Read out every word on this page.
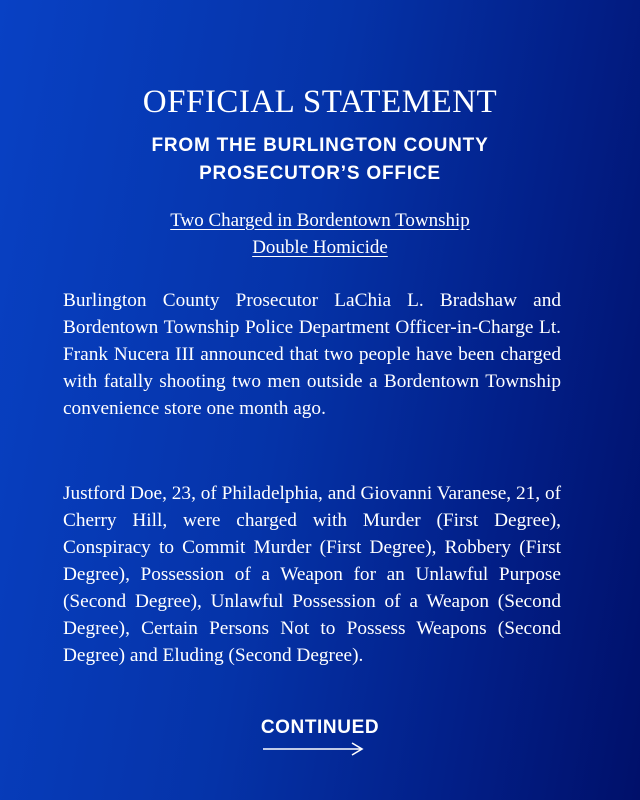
OFFICIAL STATEMENT
FROM THE BURLINGTON COUNTY
PROSECUTOR’S OFFICE
Two Charged in Bordentown Township
Double Homicide
Burlington County Prosecutor LaChia L. Bradshaw and Bordentown Township Police Department Officer-in-Charge Lt. Frank Nucera III announced that two people have been charged with fatally shooting two men outside a Bordentown Township convenience store one month ago.
Justford Doe, 23, of Philadelphia, and Giovanni Varanese, 21, of Cherry Hill, were charged with Murder (First Degree), Conspiracy to Commit Murder (First Degree), Robbery (First Degree), Possession of a Weapon for an Unlawful Purpose (Second Degree), Unlawful Possession of a Weapon (Second Degree), Certain Persons Not to Possess Weapons (Second Degree) and Eluding (Second Degree).
CONTINUED
